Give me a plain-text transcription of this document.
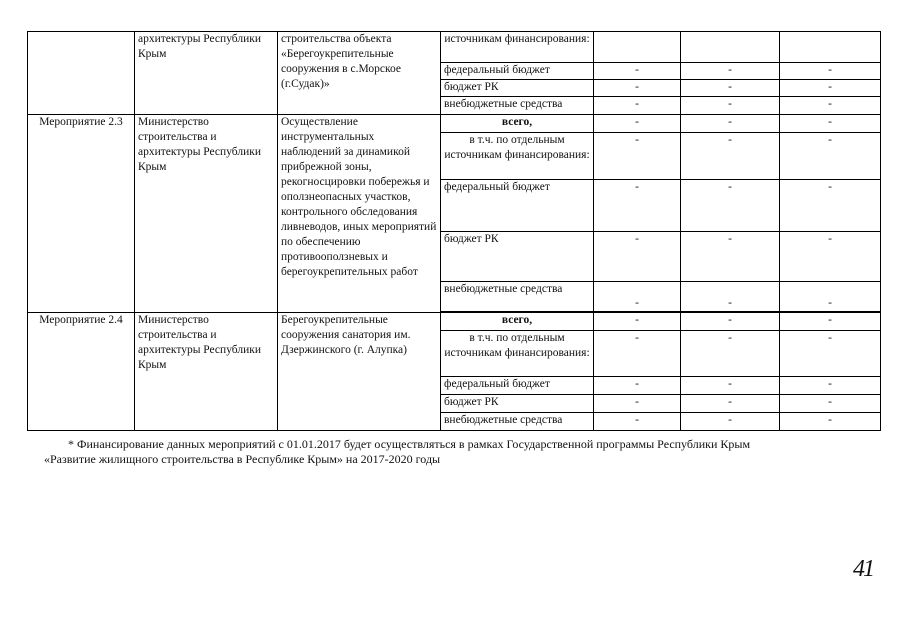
	архитектуры Республики Крым	строительства объекта «Берегоукрепительные сооружения в с.Морское (г.Судак)»	источникам финансирования:			
			федеральный бюджет	-	-	-
			бюджет РК	-	-	-
			внебюджетные средства	-	-	-
Мероприятие 2.3	Министерство строительства и архитектуры Республики Крым	Осуществление инструментальных наблюдений за динамикой прибрежной зоны, рекогносцировки побережья и оползнеопасных участков, контрольного обследования ливневодов, иных мероприятий по обеспечению противооползневых и берегоукрепительных работ	всего,	-	-	-
			в т.ч. по отдельным источникам финансирования:	-	-	-
			федеральный бюджет	-	-	-
			бюджет РК	-	-	-
			внебюджетные средства	-	-	-

Мероприятие 2.4	Министерство строительства и архитектуры Республики Крым	Берегоукрепительные сооружения санатория им. Дзержинского (г. Алупка)	всего,	-	-	-
			в т.ч. по отдельным источникам финансирования:	-	-	-
			федеральный бюджет	-	-	-
			бюджет РК	-	-	-
			внебюджетные средства	-	-	-
* Финансирование данных мероприятий с 01.01.2017 будет осуществляться в рамках Государственной программы Республики Крым
«Развитие жилищного строительства в Республике Крым» на 2017-2020 годы
41
